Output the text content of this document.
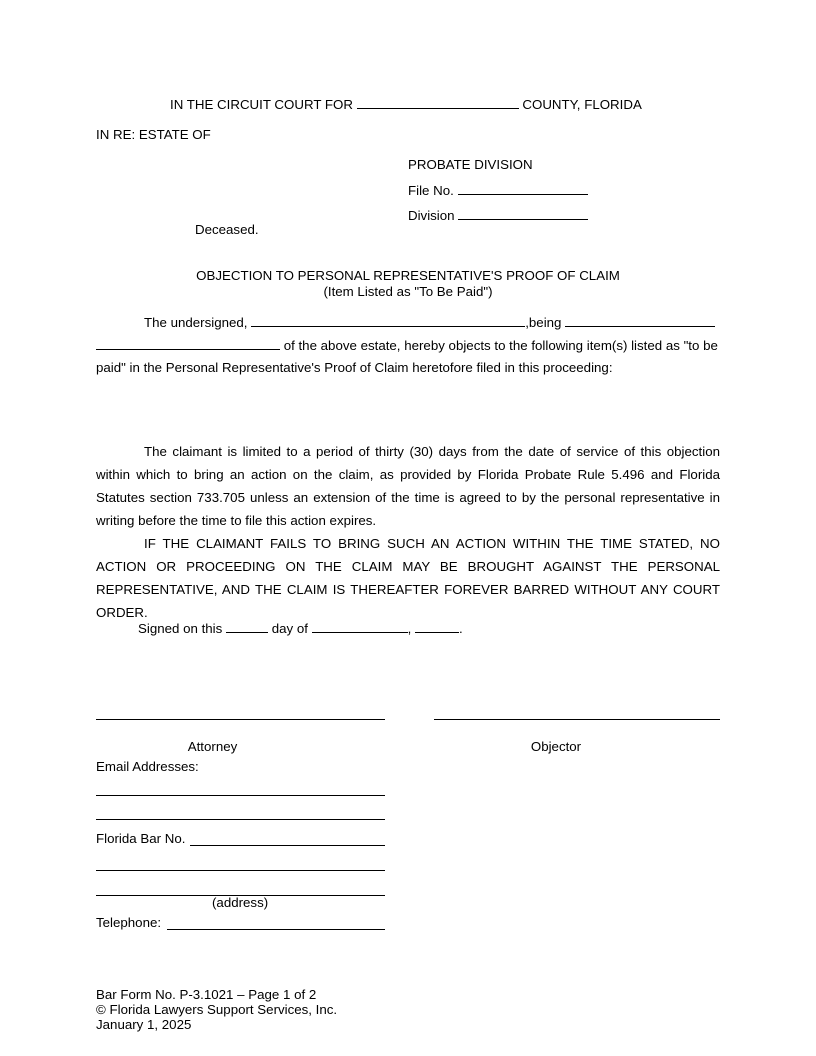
IN THE CIRCUIT COURT FOR	COUNTY, FLORIDA
IN RE: ESTATE OF
PROBATE DIVISION
File No.
Division
Deceased.
OBJECTION TO PERSONAL REPRESENTATIVE'S PROOF OF CLAIM
(Item Listed as "To Be Paid")
The undersigned,	,being
of the above estate, hereby objects to the following item(s) listed as "to be
paid" in the Personal Representative's Proof of Claim heretofore filed in this proceeding:
The claimant is limited to a period of thirty (30) days from the date of service of this objection within which to bring an action on the claim, as provided by Florida Probate Rule 5.496 and Florida Statutes section 733.705 unless an extension of the time is agreed to by the personal representative in writing before the time to file this action expires.
IF THE CLAIMANT FAILS TO BRING SUCH AN ACTION WITHIN THE TIME STATED, NO ACTION OR PROCEEDING ON THE CLAIM MAY BE BROUGHT AGAINST THE PERSONAL REPRESENTATIVE, AND THE CLAIM IS THEREAFTER FOREVER BARRED WITHOUT ANY COURT ORDER.
Signed on this	day of	,	.
Attorney	Objector
Email Addresses:
Florida Bar No.
(address)
Telephone:
Bar Form No. P-3.1021 – Page 1 of 2
© Florida Lawyers Support Services, Inc.
January 1, 2025
